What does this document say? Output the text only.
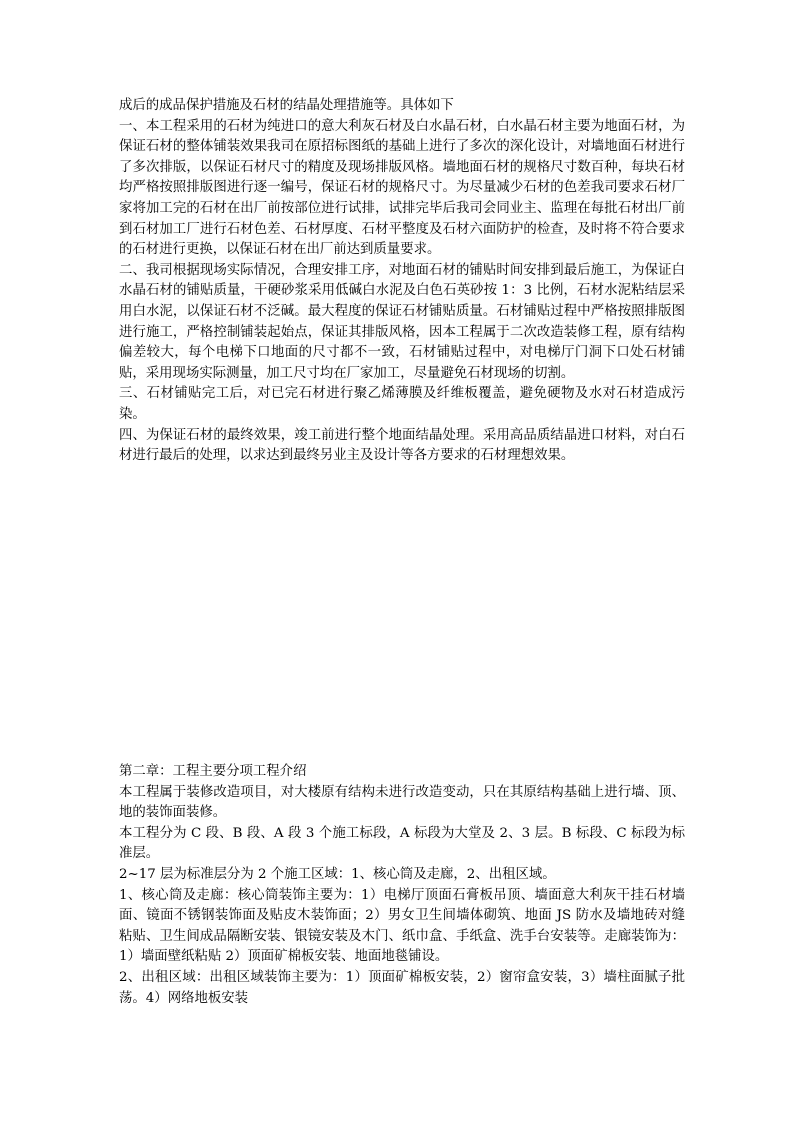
成后的成品保护措施及石材的结晶处理措施等。具体如下

一、本工程采用的石材为纯进口的意大利灰石材及白水晶石材，白水晶石材主要为地面石材，为保证石材的整体铺装效果我司在原招标图纸的基础上进行了多次的深化设计，对墙地面石材进行了多次排版，以保证石材尺寸的精度及现场排版风格。墙地面石材的规格尺寸数百种，每块石材均严格按照排版图进行逐一编号，保证石材的规格尺寸。为尽量减少石材的色差我司要求石材厂家将加工完的石材在出厂前按部位进行试排，试排完毕后我司会同业主、监理在每批石材出厂前到石材加工厂进行石材色差、石材厚度、石材平整度及石材六面防护的检查，及时将不符合要求的石材进行更换，以保证石材在出厂前达到质量要求。

二、我司根据现场实际情况，合理安排工序，对地面石材的铺贴时间安排到最后施工，为保证白水晶石材的铺贴质量，干硬砂浆采用低碱白水泥及白色石英砂按 1：3 比例，石材水泥粘结层采用白水泥，以保证石材不泛碱。最大程度的保证石材铺贴质量。石材铺贴过程中严格按照排版图进行施工，严格控制铺装起始点，保证其排版风格，因本工程属于二次改造装修工程，原有结构偏差较大，每个电梯下口地面的尺寸都不一致，石材铺贴过程中，对电梯厅门洞下口处石材铺贴，采用现场实际测量，加工尺寸均在厂家加工，尽量避免石材现场的切割。

三、石材铺贴完工后，对已完石材进行聚乙烯薄膜及纤维板覆盖，避免硬物及水对石材造成污染。

四、为保证石材的最终效果，竣工前进行整个地面结晶处理。采用高品质结晶进口材料，对白石材进行最后的处理，以求达到最终另业主及设计等各方要求的石材理想效果。

第二章：工程主要分项工程介绍

本工程属于装修改造项目，对大楼原有结构未进行改造变动，只在其原结构基础上进行墙、顶、地的装饰面装修。

本工程分为 C 段、B 段、A 段 3 个施工标段，A 标段为大堂及 2、3 层。B 标段、C 标段为标准层。

2~17 层为标准层分为 2 个施工区域：1、核心筒及走廊，2、出租区域。

1、核心筒及走廊：核心筒装饰主要为：1）电梯厅顶面石膏板吊顶、墙面意大利灰干挂石材墙面、镜面不锈钢装饰面及贴皮木装饰面；2）男女卫生间墙体砌筑、地面 JS 防水及墙地砖对缝粘贴、卫生间成品隔断安装、银镜安装及木门、纸巾盒、手纸盒、洗手台安装等。走廊装饰为：1）墙面壁纸粘贴 2）顶面矿棉板安装、地面地毯铺设。

2、出租区域：出租区域装饰主要为：1）顶面矿棉板安装，2）窗帘盒安装，3）墙柱面腻子批荡。4）网络地板安装
